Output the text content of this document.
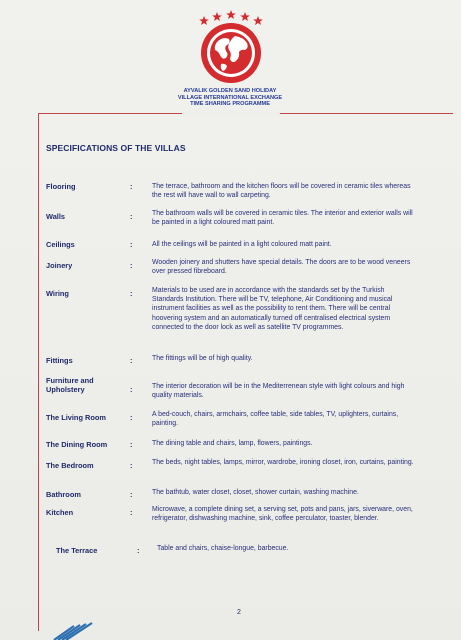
AYVALIK GOLDEN SAND HOLIDAY
VILLAGE INTERNATIONAL EXCHANGE
TIME SHARING PROGRAMME
SPECIFICATIONS OF THE VILLAS
Flooring	:	The terrace, bathroom and the kitchen floors will be covered in ceramic tiles whereas the rest will have wall to wall carpeting.
Walls	:	The bathroom walls will be covered in ceramic tiles. The interior and exterior walls will be painted in a light coloured matt paint.
Ceilings	:	All the ceilings will be painted in a light coloured matt paint.
Joinery	:	Wooden joinery and shutters have special details. The doors are to be wood veneers over pressed fibreboard.
Wiring	:	Materials to be used are in accordance with the standards set by the Turkish Standards Institution. There will be TV, telephone, Air Conditioning and musical instrument facilities as well as the possibility to rent them. There will be central hoovering system and an automatically turned off centralised electrical system connected to the door lock as well as satellite TV programmes.
Fittings	:	The fittings will be of high quality.
Furniture and Upholstery	:	The interior decoration will be in the Mediterrenean style with light colours and high quality materials.
The Living Room	:	A bed-couch, chairs, armchairs, coffee table, side tables, TV, uplighters, curtains, painting.
The Dining Room	:	The dining table and chairs, lamp, flowers, paintings.
The Bedroom	:	The beds, night tables, lamps, mirror, wardrobe, ironing closet, iron, curtains, painting.
Bathroom	:	The bathtub, water closet, closet, shower curtain, washing machine.
Kitchen	:	Microwave, a complete dining set, a serving set, pots and pans, jars, siverware, oven, refrigerator, dishwashing machine, sink, coffee perculator, toaster, blender.
The Terrace	:	Table and chairs, chaise-longue, barbecue.
2
